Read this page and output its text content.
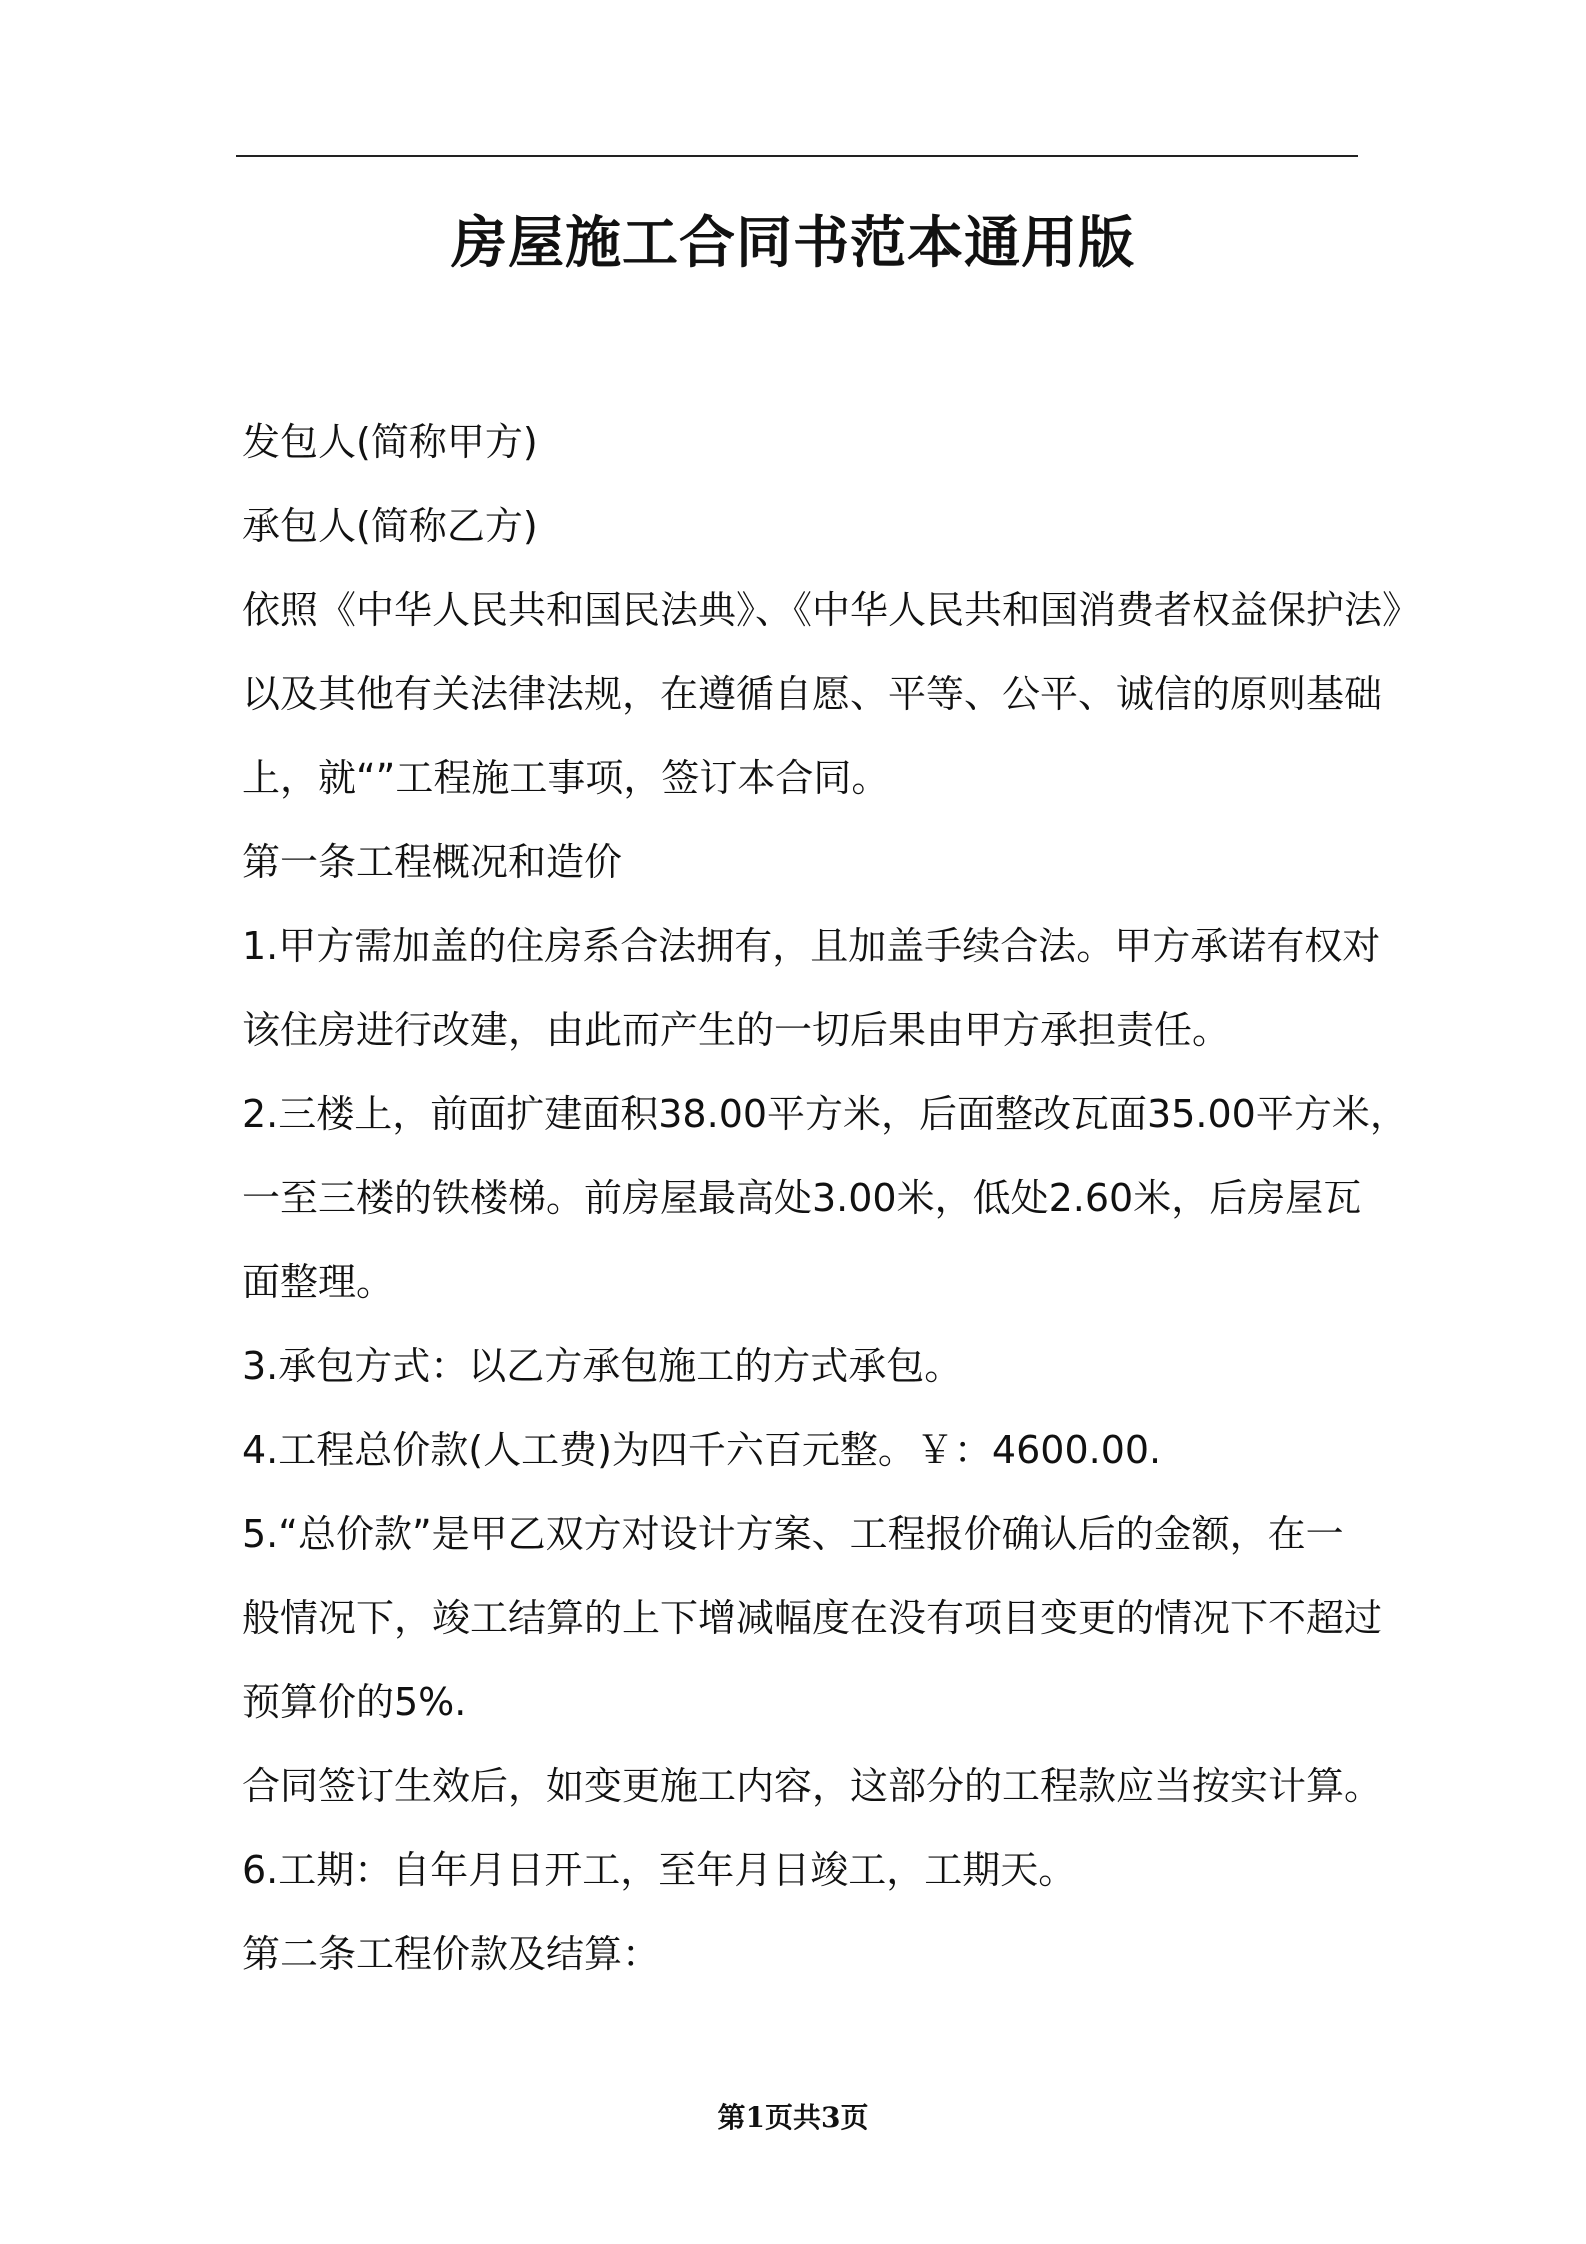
房屋施工合同书范本通用版

发包人(简称甲方)

承包人(简称乙方)

依照《中华人民共和国民法典》、《中华人民共和国消费者权益保护法》

以及其他有关法律法规，在遵循自愿、平等、公平、诚信的原则基础

上，就“”工程施工事项，签订本合同。

第一条工程概况和造价

1.甲方需加盖的住房系合法拥有，且加盖手续合法。甲方承诺有权对

该住房进行改建，由此而产生的一切后果由甲方承担责任。

2.三楼上，前面扩建面积38.00平方米，后面整改瓦面35.00平方米，

一至三楼的铁楼梯。前房屋最高处3.00米，低处2.60米，后房屋瓦

面整理。

3.承包方式：以乙方承包施工的方式承包。

4.工程总价款(人工费)为四千六百元整。￥：4600.00.

5.“总价款”是甲乙双方对设计方案、工程报价确认后的金额，在一

般情况下，竣工结算的上下增减幅度在没有项目变更的情况下不超过

预算价的5%.

合同签订生效后，如变更施工内容，这部分的工程款应当按实计算。

6.工期：自年月日开工，至年月日竣工，工期天。

第二条工程价款及结算：

第1页共3页
